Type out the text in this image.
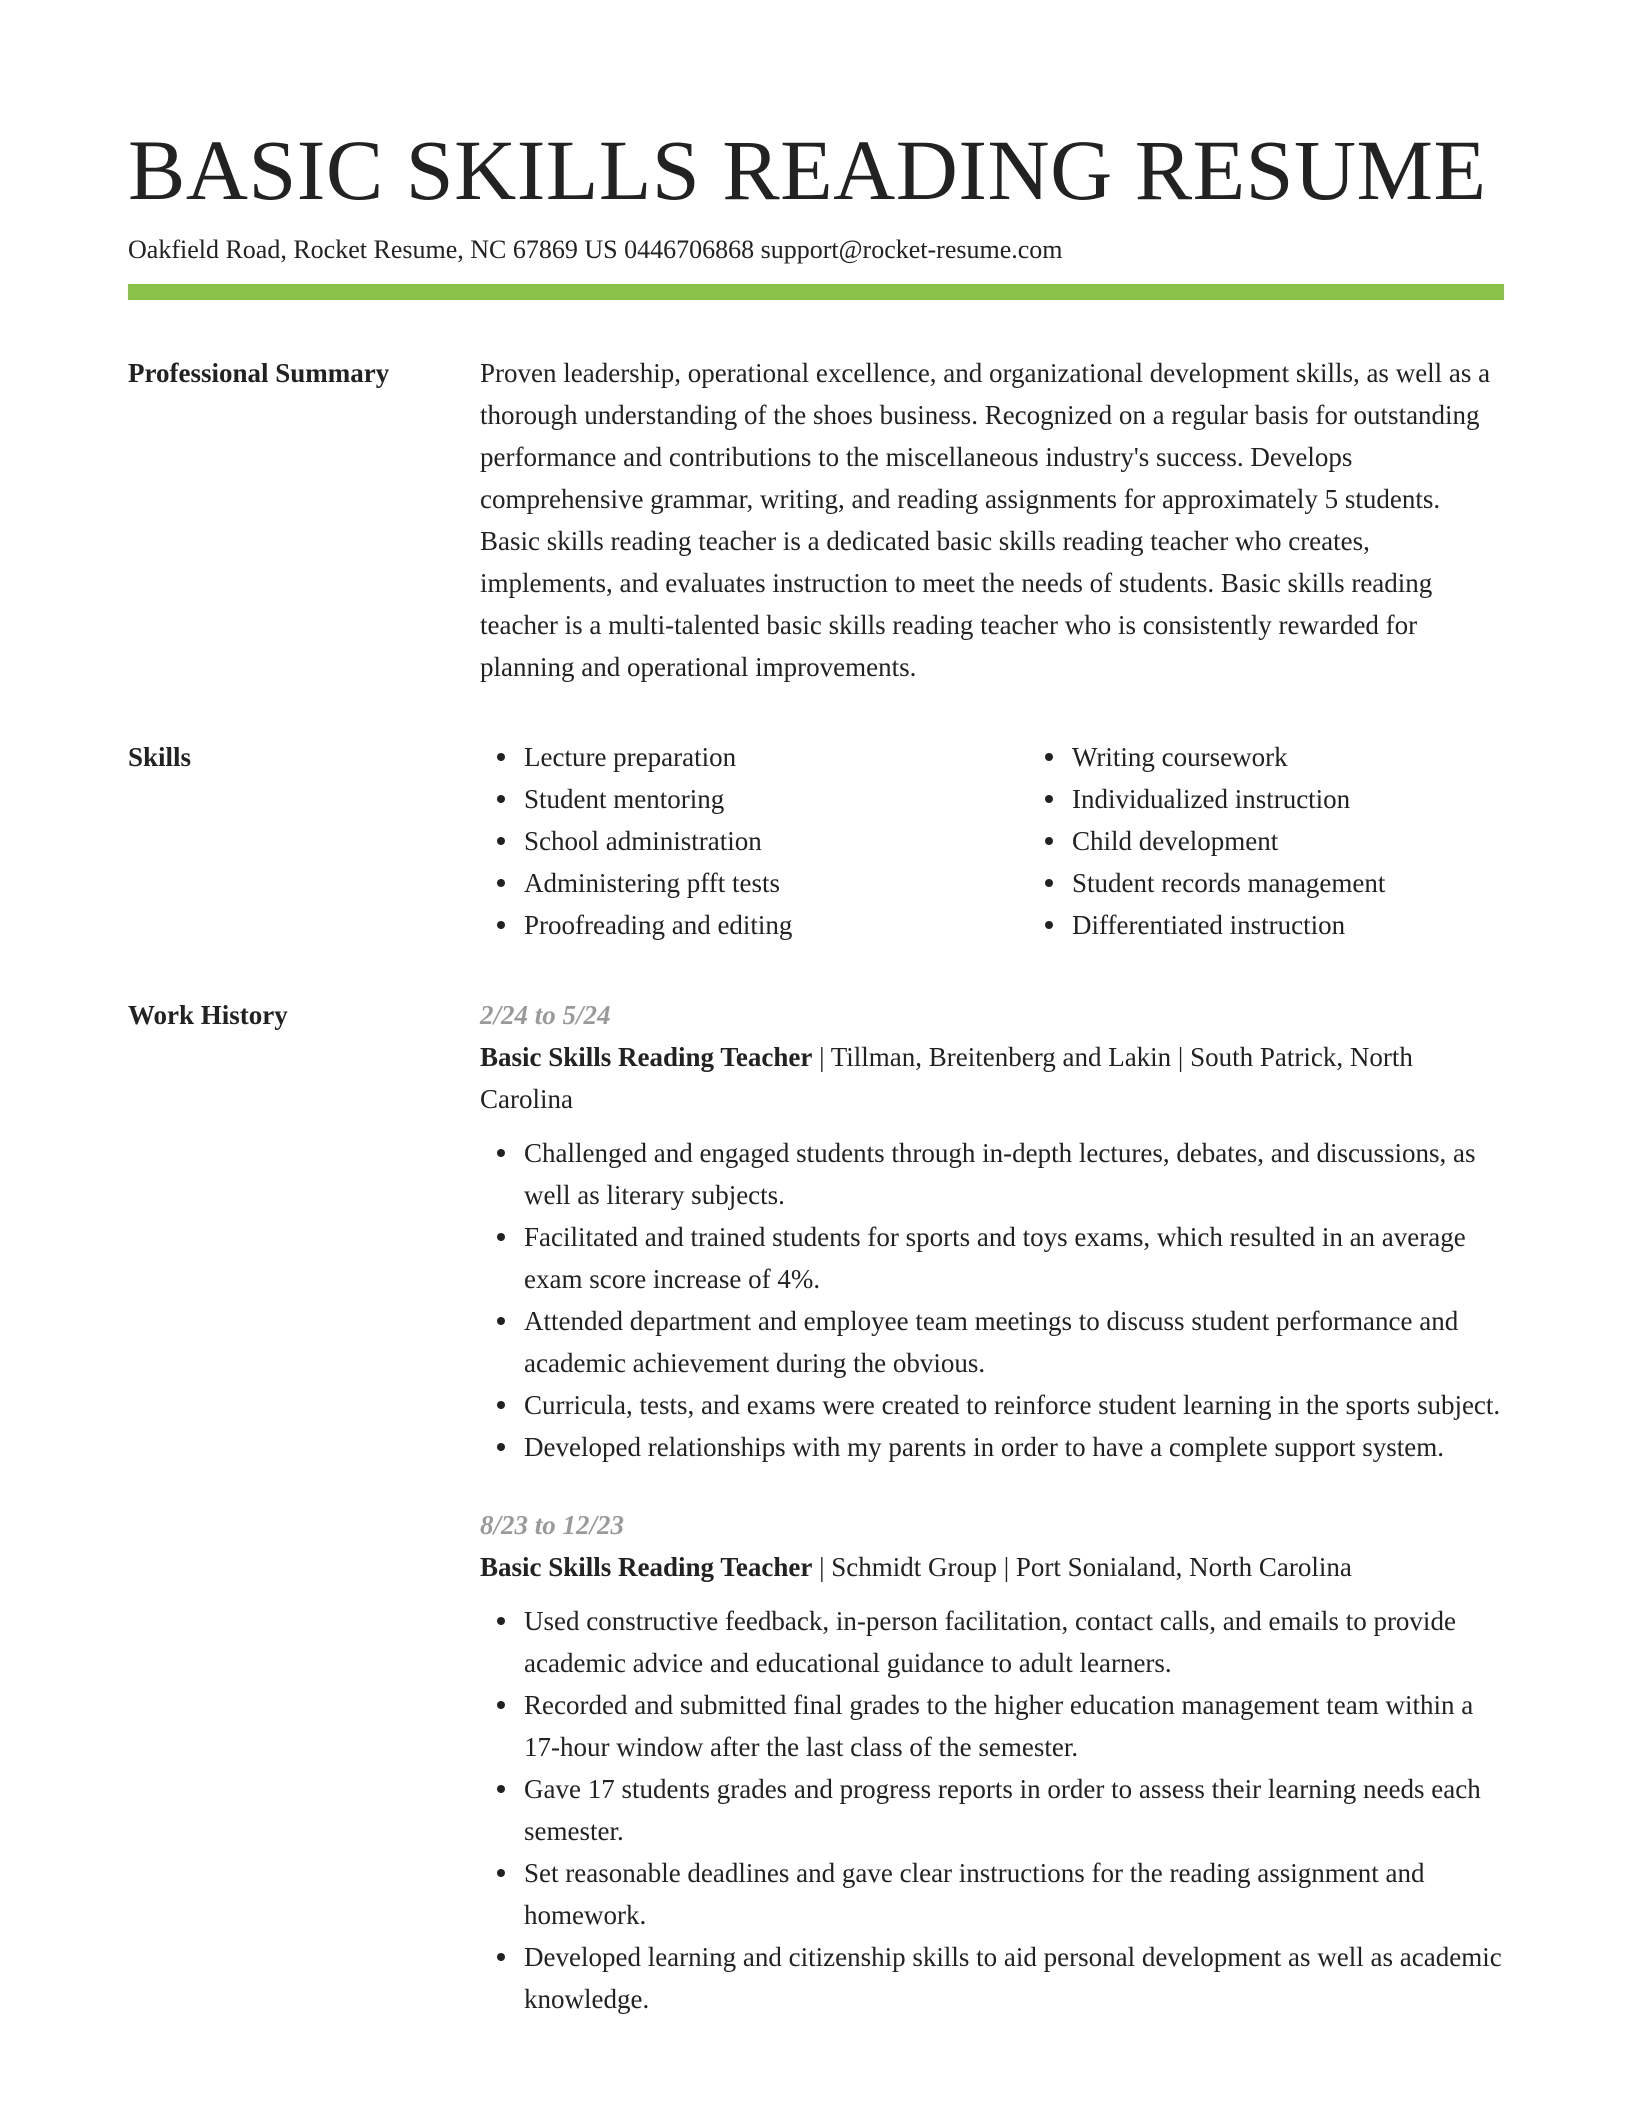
BASIC SKILLS READING RESUME
Oakfield Road, Rocket Resume, NC 67869 US 0446706868 support@rocket-resume.com
Professional Summary	Proven leadership, operational excellence, and organizational development skills, as well as a thorough understanding of the shoes business. Recognized on a regular basis for outstanding performance and contributions to the miscellaneous industry's success. Develops comprehensive grammar, writing, and reading assignments for approximately 5 students. Basic skills reading teacher is a dedicated basic skills reading teacher who creates, implements, and evaluates instruction to meet the needs of students. Basic skills reading teacher is a multi-talented basic skills reading teacher who is consistently rewarded for planning and operational improvements.

Skills	Lecture preparation
Student mentoring
School administration
Administering pfft tests
Proofreading and editing
Writing coursework
Individualized instruction
Child development
Student records management
Differentiated instruction
Work History	2/24 to 5/24
Basic Skills Reading Teacher | Tillman, Breitenberg and Lakin | South Patrick, North Carolina
Challenged and engaged students through in-depth lectures, debates, and discussions, as well as literary subjects.
Facilitated and trained students for sports and toys exams, which resulted in an average exam score increase of 4%.
Attended department and employee team meetings to discuss student performance and academic achievement during the obvious.
Curricula, tests, and exams were created to reinforce student learning in the sports subject.
Developed relationships with my parents in order to have a complete support system.
8/23 to 12/23
Basic Skills Reading Teacher | Schmidt Group | Port Sonialand, North Carolina
Used constructive feedback, in-person facilitation, contact calls, and emails to provide academic advice and educational guidance to adult learners.
Recorded and submitted final grades to the higher education management team within a 17-hour window after the last class of the semester.
Gave 17 students grades and progress reports in order to assess their learning needs each semester.
Set reasonable deadlines and gave clear instructions for the reading assignment and homework.
Developed learning and citizenship skills to aid personal development as well as academic knowledge.
